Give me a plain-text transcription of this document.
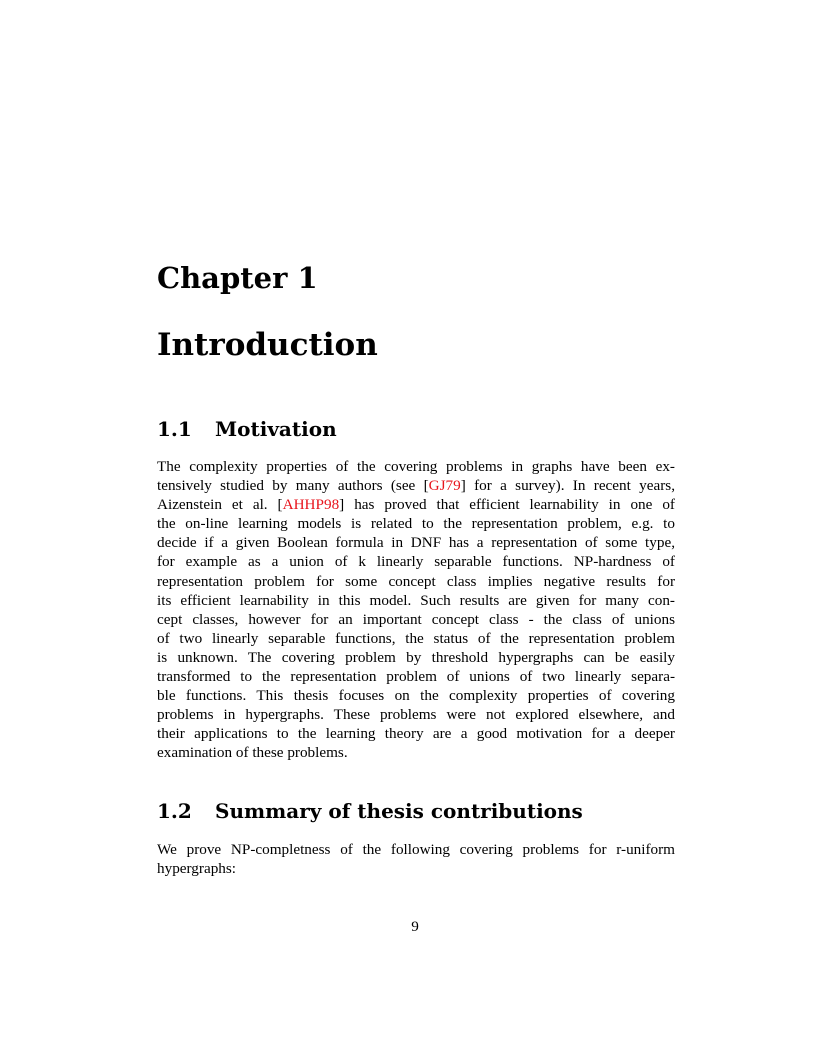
Chapter 1
Introduction
1.1 Motivation
The complexity properties of the covering problems in graphs have been ex-
tensively studied by many authors (see [GJ79] for a survey). In recent years,
Aizenstein et al. [AHHP98] has proved that efficient learnability in one of
the on-line learning models is related to the representation problem, e.g. to
decide if a given Boolean formula in DNF has a representation of some type,
for example as a union of k linearly separable functions. NP-hardness of
representation problem for some concept class implies negative results for
its efficient learnability in this model. Such results are given for many con-
cept classes, however for an important concept class - the class of unions
of two linearly separable functions, the status of the representation problem
is unknown. The covering problem by threshold hypergraphs can be easily
transformed to the representation problem of unions of two linearly separa-
ble functions. This thesis focuses on the complexity properties of covering
problems in hypergraphs. These problems were not explored elsewhere, and
their applications to the learning theory are a good motivation for a deeper
examination of these problems.
1.2 Summary of thesis contributions
We prove NP-completness of the following covering problems for r-uniform
hypergraphs:

9
